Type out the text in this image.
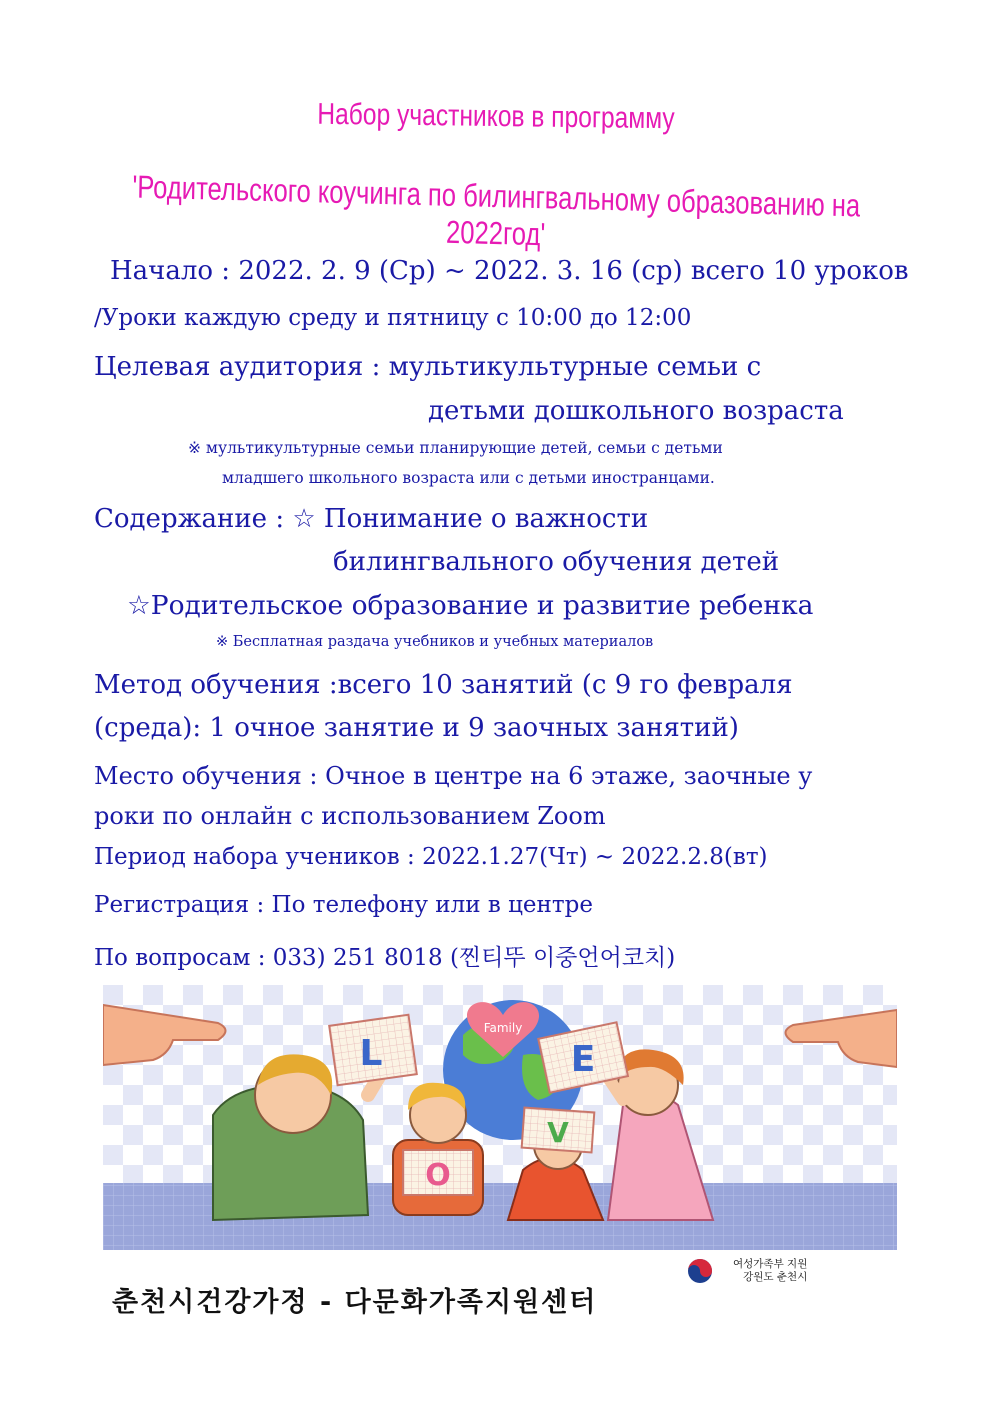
Набор участников в программу
'Родительского коучинга по билингвальному образованию на 2022год'
Начало : 2022. 2. 9 (Ср) ~ 2022. 3. 16 (ср) всего 10 уроков
/Уроки каждую среду и пятницу с 10:00 до 12:00
Целевая аудитория : мультикультурные семьи с
детьми дошкольного возраста
※ мультикультурные семьи планирующие детей, семьи с детьми
младшего школьного возраста или с детьми иностранцами.
Содержание : ☆ Понимание о важности
билингвального обучения детей
☆Родительское образование и развитие ребенка
※ Бесплатная раздача учебников и учебных материалов
Метод обучения :всего 10 занятий (с 9 го февраля
(среда): 1 очное занятие и 9 заочных занятий)
Место обучения : Очное в центре на 6 этаже, заочные у
роки по онлайн с использованием Zoom
Период набора учеников : 2022.1.27(Чт) ~ 2022.2.8(вт)
Регистрация : По телефону или в центре
По вопросам : 033) 251 8018 (찐티뚜 이중언어코치)
Family
L
O
V
E
여성가족부 지원
강원도 춘천시
춘천시건강가정 - 다문화가족지원센터
